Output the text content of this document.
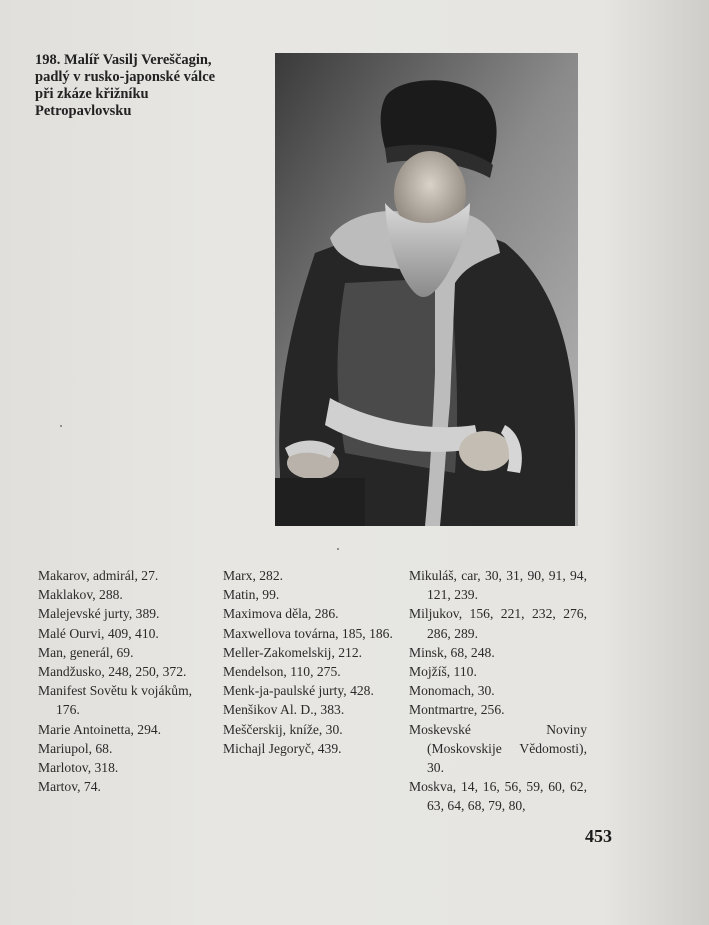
198. Malíř Vasilj Vereščagin,
padlý v rusko-japonské válce
při zkáze křižníku
Petropavlovsku
Makarov, admirál, 27.
Maklakov, 288.
Malejevské jurty, 389.
Malé Ourvi, 409, 410.
Man, generál, 69.
Mandžusko, 248, 250, 372.
Manifest Sovětu k vojákům, 176.
Marie Antoinetta, 294.
Mariupol, 68.
Marlotov, 318.
Martov, 74.
Marx, 282.
Matin, 99.
Maximova děla, 286.
Maxwellova továrna, 185, 186.
Meller-Zakomelskij, 212.
Mendelson, 110, 275.
Menk-ja-paulské jurty, 428.
Menšikov Al. D., 383.
Meščerskij, kníže, 30.
Michajl Jegoryč, 439.
Mikuláš, car, 30, 31, 90, 91, 94, 121, 239.
Miljukov, 156, 221, 232, 276, 286, 289.
Minsk, 68, 248.
Mojžíš, 110.
Monomach, 30.
Montmartre, 256.
Moskevské Noviny (Moskovskije Vědomosti), 30.
Moskva, 14, 16, 56, 59, 60, 62, 63, 64, 68, 79, 80,
453
